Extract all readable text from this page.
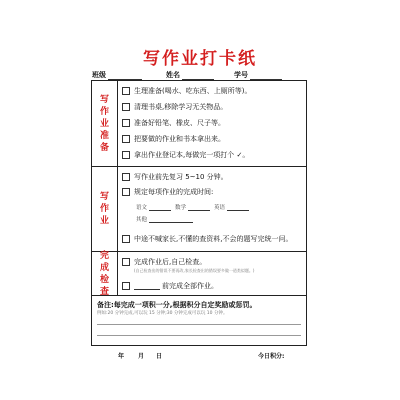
写作业打卡纸
班级	姓名	学号
写作业准备
生理准备(喝水、吃东西、上厕所等)。
清理书桌,移除学习无关物品。
准备好铅笔、橡皮、尺子等。
把要做的作业和书本拿出来。
拿出作业登记本,每做完一项打个 ✓。
写作业
写作业前先复习 5~10 分钟。
规定每项作业的完成时间:
语文	数学	英语
其他
中途不喊家长,不懂的查资料,不会的题写完统一问。
完成检查
完成作业后,自己检查。
(自己检查出的错误不要再改,家长检查出的错误要多做一道类似题。)
前完成全部作业。
备注:每完成一项积一分,根据积分自定奖励或惩罚。
例如:20 分钟完成,可以玩 15 分钟;30 分钟完成可以玩 10 分钟。
年 月 日	今日积分:
